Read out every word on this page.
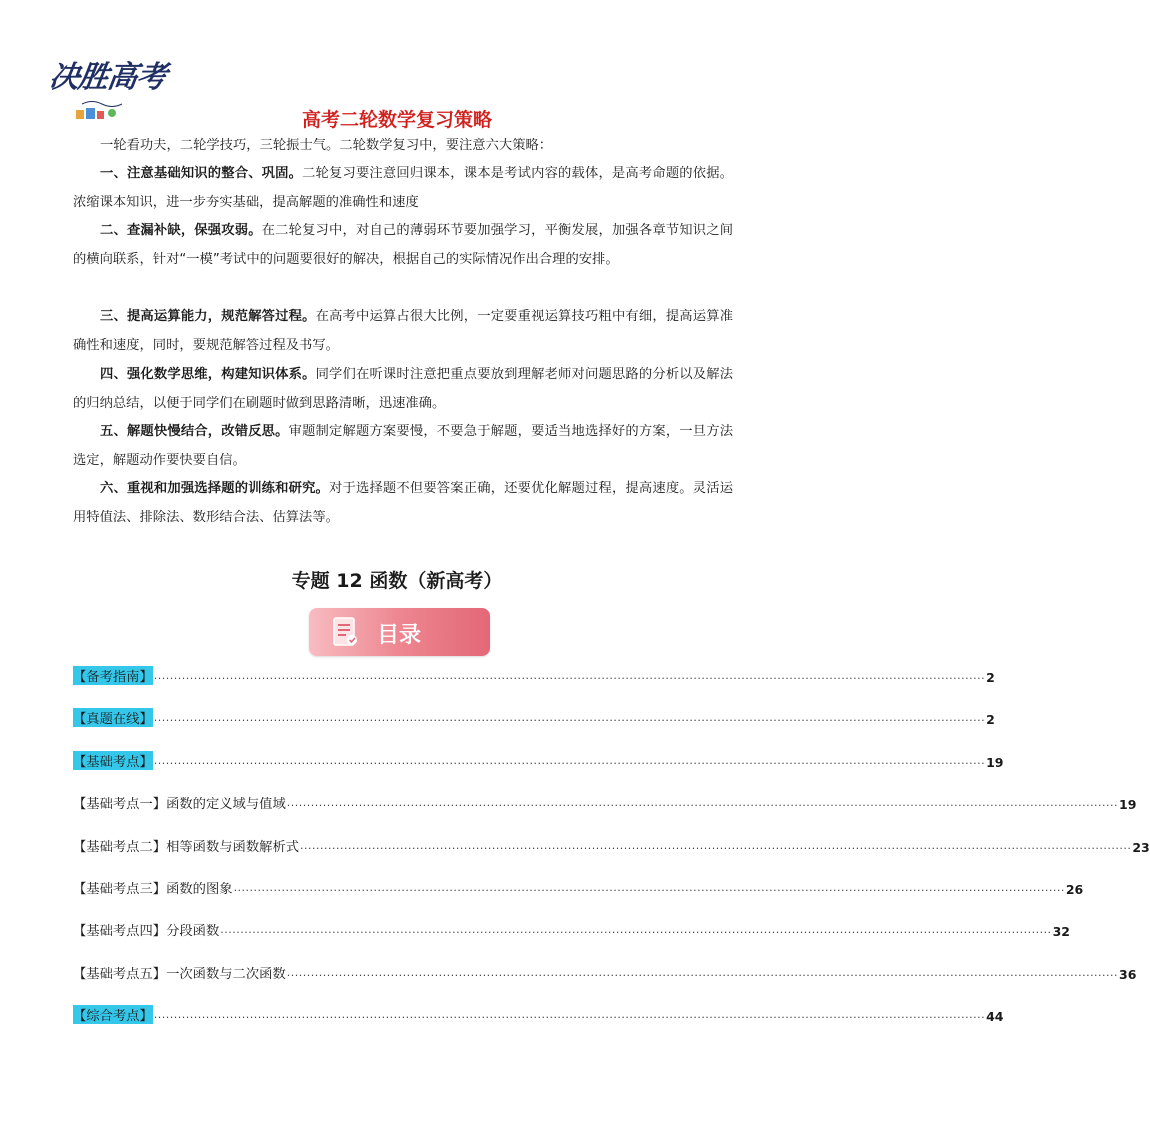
决胜高考
高考二轮数学复习策略

一轮看功夫，二轮学技巧，三轮振士气。二轮数学复习中，要注意六大策略：

一、注意基础知识的整合、巩固。二轮复习要注意回归课本，课本是考试内容的载体，是高考命题的依据。浓缩课本知识，进一步夯实基础，提高解题的准确性和速度

二、查漏补缺，保强攻弱。在二轮复习中，对自己的薄弱环节要加强学习，平衡发展，加强各章节知识之间的横向联系，针对“一模”考试中的问题要很好的解决，根据自己的实际情况作出合理的安排。

三、提高运算能力，规范解答过程。在高考中运算占很大比例，一定要重视运算技巧粗中有细，提高运算准确性和速度，同时，要规范解答过程及书写。

四、强化数学思维，构建知识体系。同学们在听课时注意把重点要放到理解老师对问题思路的分析以及解法的归纳总结，以便于同学们在刷题时做到思路清晰，迅速准确。

五、解题快慢结合，改错反思。审题制定解题方案要慢，不要急于解题，要适当地选择好的方案，一旦方法选定，解题动作要快要自信。

六、重视和加强选择题的训练和研究。对于选择题不但要答案正确，还要优化解题过程，提高速度。灵活运用特值法、排除法、数形结合法、估算法等。

专题 12 函数（新高考）
目录
【备考指南】 ................................................................................................................................................................................................................ 2
【真题在线】 ................................................................................................................................................................................................................ 2
【基础考点】 ................................................................................................................................................................................................................ 19
【基础考点一】函数的定义域与值域 ................................................................................................................................................................................................................ 19
【基础考点二】相等函数与函数解析式 ................................................................................................................................................................................................................ 23
【基础考点三】函数的图象 ................................................................................................................................................................................................................ 26
【基础考点四】分段函数 ................................................................................................................................................................................................................ 32
【基础考点五】一次函数与二次函数 ................................................................................................................................................................................................................ 36
【综合考点】 ................................................................................................................................................................................................................ 44
